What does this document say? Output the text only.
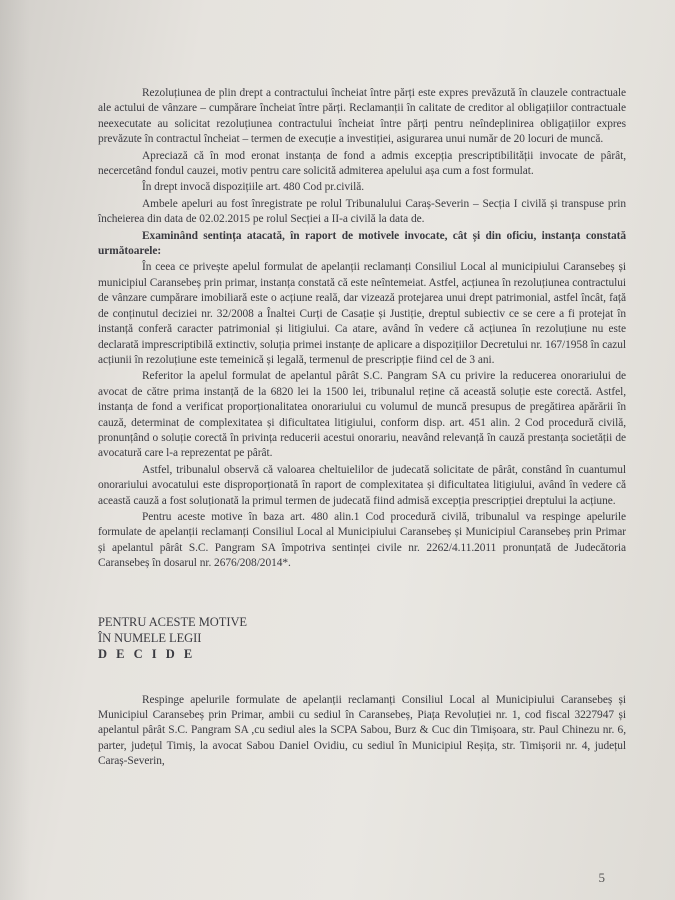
Rezoluțiunea de plin drept a contractului încheiat între părți este expres prevăzută în clauzele contractuale ale actului de vânzare – cumpărare încheiat între părți. Reclamanții în calitate de creditor al obligațiilor contractuale neexecutate au solicitat rezoluțiunea contractului încheiat între părți pentru neîndeplinirea obligațiilor expres prevăzute în contractul încheiat – termen de execuție a investiției, asigurarea unui număr de 20 locuri de muncă.

Apreciază că în mod eronat instanța de fond a admis excepția prescriptibilității invocate de pârât, necercetând fondul cauzei, motiv pentru care solicită admiterea apelului așa cum a fost formulat.

În drept invocă dispozițiile art. 480 Cod pr.civilă.

Ambele apeluri au fost înregistrate pe rolul Tribunalului Caraș-Severin – Secția I civilă și transpuse prin încheierea din data de 02.02.2015 pe rolul Secției a II-a civilă la data de.

Examinând sentința atacată, în raport de motivele invocate, cât și din oficiu, instanța constată următoarele:

În ceea ce privește apelul formulat de apelanții reclamanți Consiliul Local al municipiului Caransebeș și municipiul Caransebeș prin primar, instanța constată că este neîntemeiat. Astfel, acțiunea în rezoluțiunea contractului de vânzare cumpărare imobiliară este o acțiune reală, dar vizează protejarea unui drept patrimonial, astfel încât, față de conținutul deciziei nr. 32/2008 a Înaltei Curți de Casație și Justiție, dreptul subiectiv ce se cere a fi protejat în instanță conferă caracter patrimonial și litigiului. Ca atare, având în vedere că acțiunea în rezoluțiune nu este declarată imprescriptibilă extinctiv, soluția primei instanțe de aplicare a dispozițiilor Decretului nr. 167/1958 în cazul acțiunii în rezoluțiune este temeinică și legală, termenul de prescripție fiind cel de 3 ani.

Referitor la apelul formulat de apelantul pârât S.C. Pangram SA cu privire la reducerea onorariului de avocat de către prima instanță de la 6820 lei la 1500 lei, tribunalul reține că această soluție este corectă. Astfel, instanța de fond a verificat proporționalitatea onorariului cu volumul de muncă presupus de pregătirea apărării în cauză, determinat de complexitatea și dificultatea litigiului, conform disp. art. 451 alin. 2 Cod procedură civilă, pronunțând o soluție corectă în privința reducerii acestui onorariu, neavând relevanță în cauză prestanța societății de avocatură care l-a reprezentat pe pârât.

Astfel, tribunalul observă că valoarea cheltuielilor de judecată solicitate de pârât, constând în cuantumul onorariului avocatului este disproporționată în raport de complexitatea și dificultatea litigiului, având în vedere că această cauză a fost soluționată la primul termen de judecată fiind admisă excepția prescripției dreptului la acțiune.

Pentru aceste motive în baza art. 480 alin.1 Cod procedură civilă, tribunalul va respinge apelurile formulate de apelanții reclamanți Consiliul Local al Municipiului Caransebeș și Municipiul Caransebeș prin Primar și apelantul pârât S.C. Pangram SA împotriva sentinței civile nr. 2262/4.11.2011 pronunțată de Judecătoria Caransebeș în dosarul nr. 2676/208/2014*.

PENTRU ACESTE MOTIVE

ÎN NUMELE LEGII

D E C I D E

Respinge apelurile formulate de apelanții reclamanți Consiliul Local al Municipiului Caransebeș și Municipiul Caransebeș prin Primar, ambii cu sediul în Caransebeș, Piața Revoluției nr. 1, cod fiscal 3227947 și apelantul pârât S.C. Pangram SA ,cu sediul ales la SCPA Sabou, Burz & Cuc din Timișoara, str. Paul Chinezu nr. 6, parter, județul Timiș, la avocat Sabou Daniel Ovidiu, cu sediul în Municipiul Reșița, str. Timișorii nr. 4, județul Caraș-Severin,

5
